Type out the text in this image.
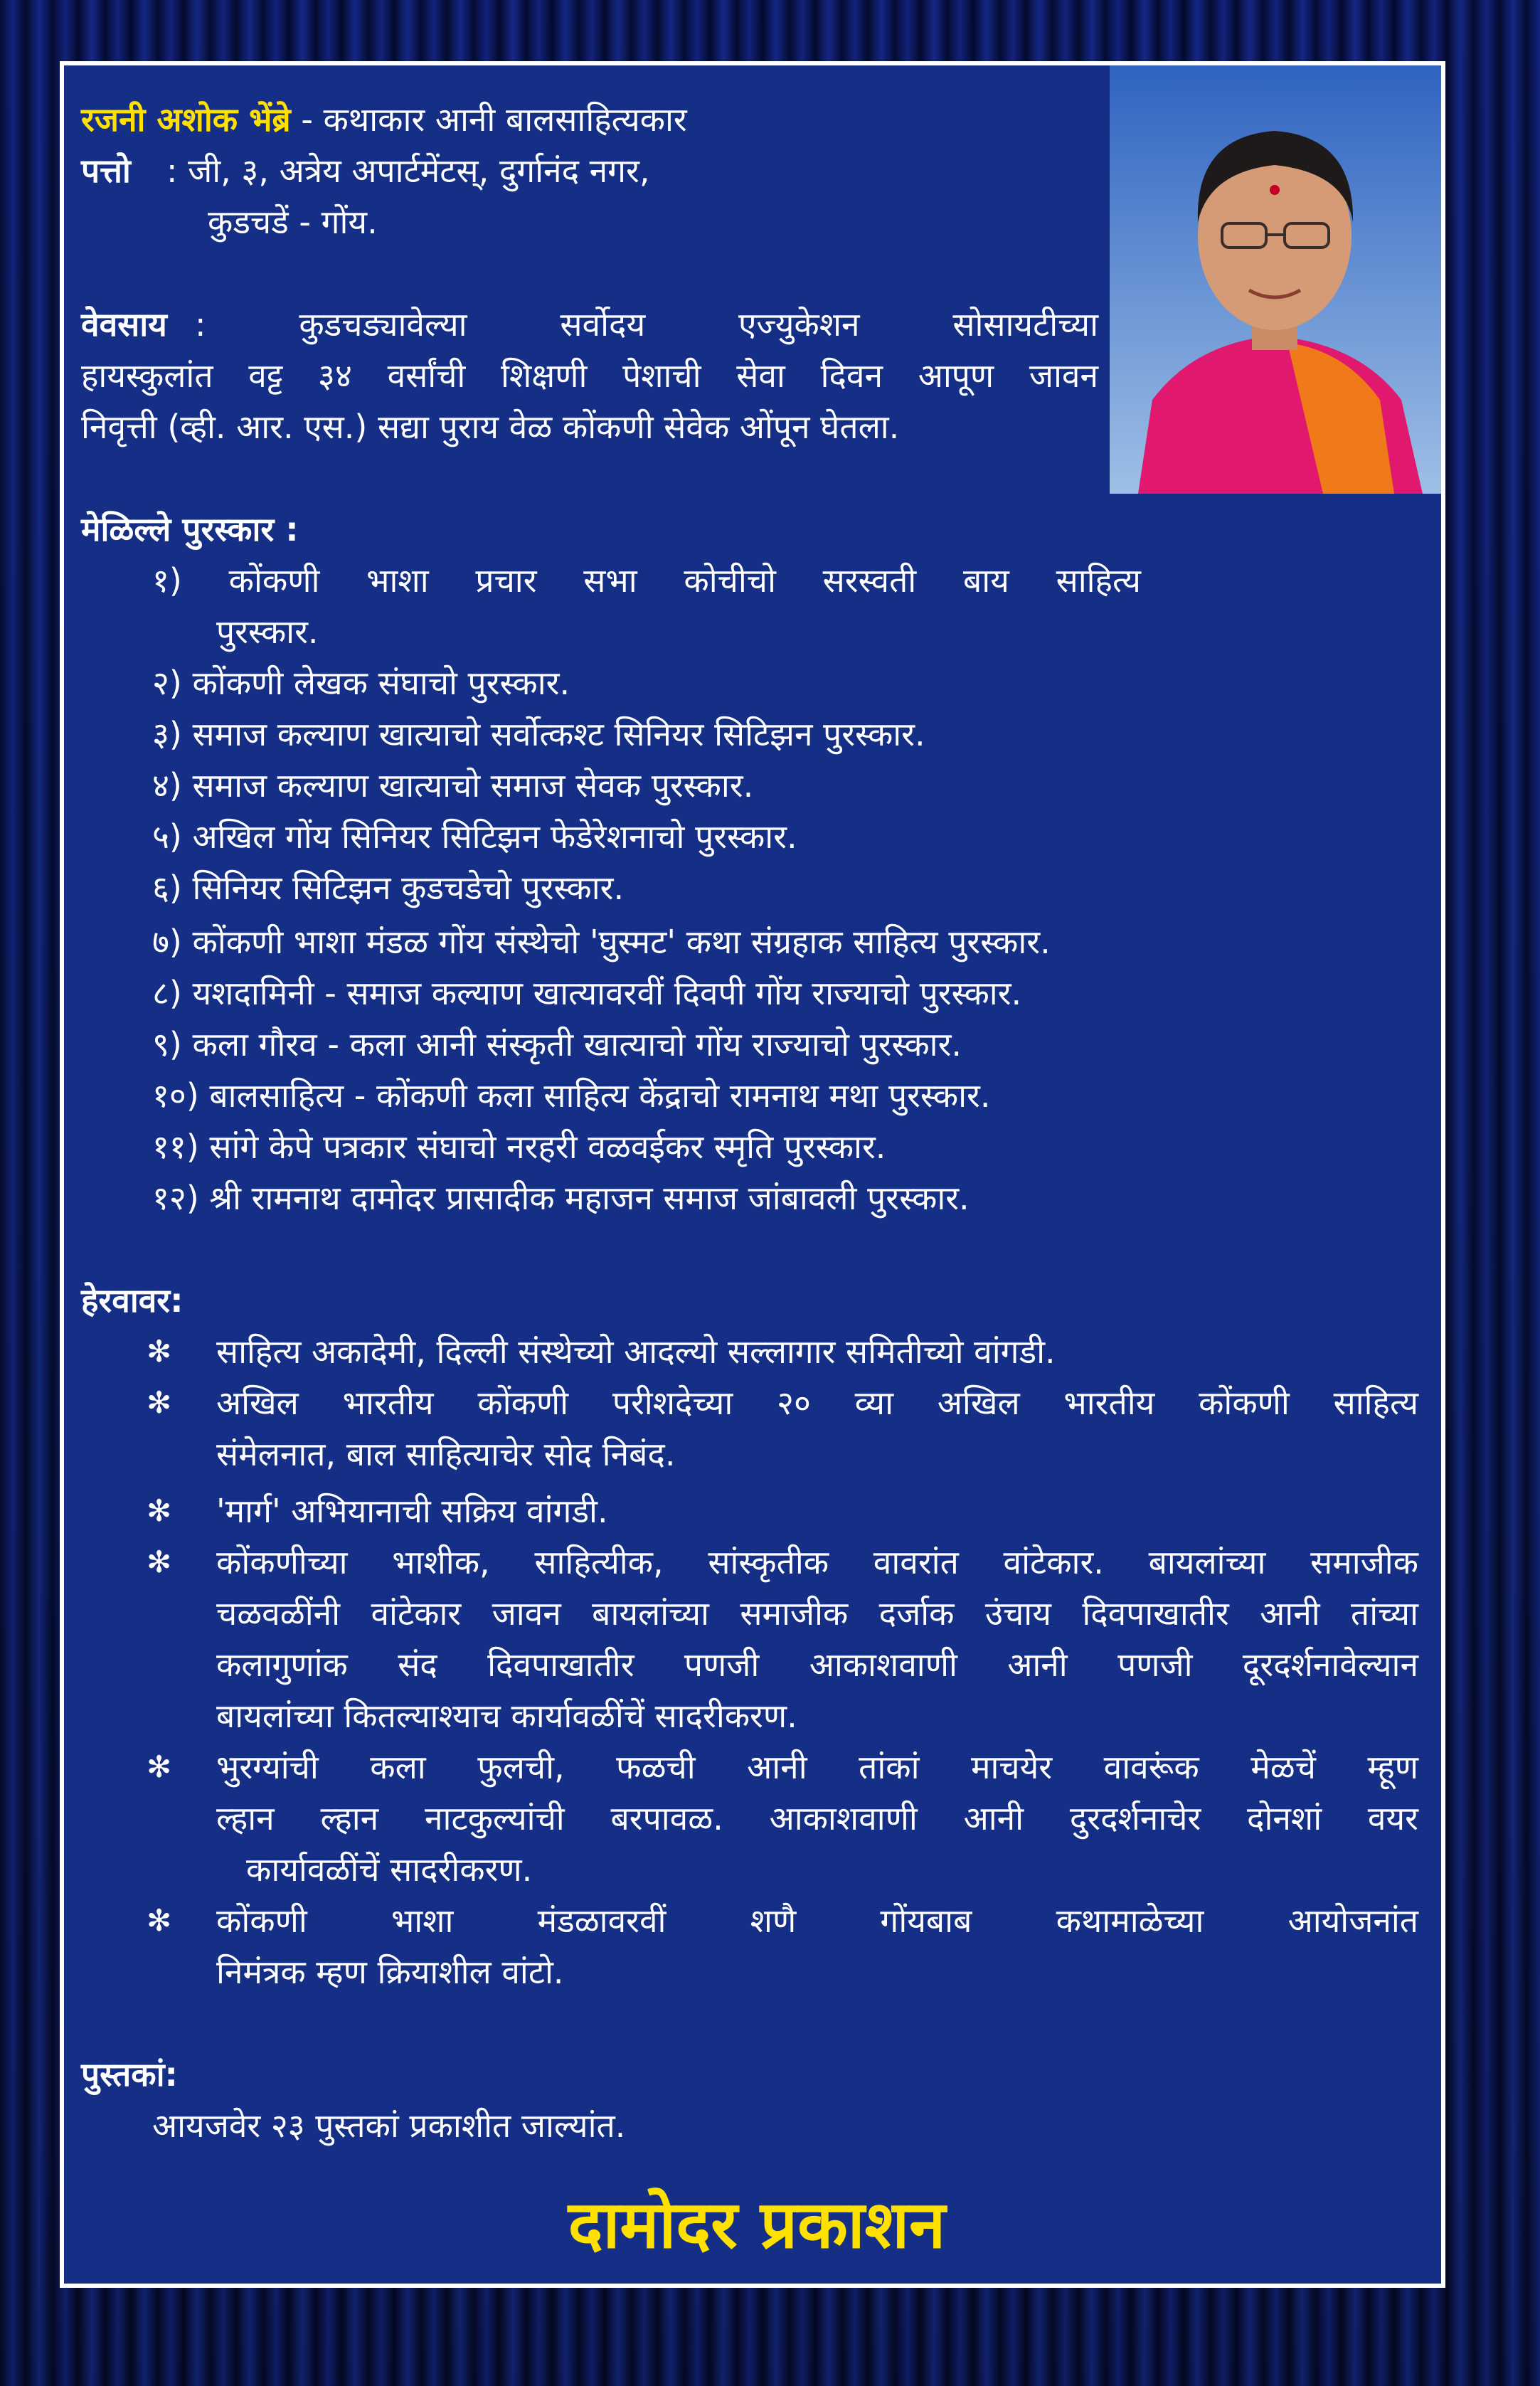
रजनी अशोक भेंब्रे - कथाकार आनी बालसाहित्यकार
पत्तो : जी, ३, अत्रेय अपार्टमेंटस्, दुर्गानंद नगर,
कुडचडें - गोंय.
वेवसाय : कुडचड्यावेल्या सर्वोदय एज्युकेशन सोसायटीच्या
हायस्कुलांत वट्ट ३४ वर्सांची शिक्षणी पेशाची सेवा दिवन आपूण जावन
निवृत्ती (व्ही. आर. एस.) सद्या पुराय वेळ कोंकणी सेवेक ओंपून घेतला.
मेळिल्ले पुरस्कार :
१) कोंकणी भाशा प्रचार सभा कोचीचो सरस्वती बाय साहित्य
पुरस्कार.
२) कोंकणी लेखक संघाचो पुरस्कार.
३) समाज कल्याण खात्याचो सर्वोत्कश्ट सिनियर सिटिझन पुरस्कार.
४) समाज कल्याण खात्याचो समाज सेवक पुरस्कार.
५) अखिल गोंय सिनियर सिटिझन फेडेरेशनाचो पुरस्कार.
६) सिनियर सिटिझन कुडचडेचो पुरस्कार.
७) कोंकणी भाशा मंडळ गोंय संस्थेचो 'घुस्मट' कथा संग्रहाक साहित्य पुरस्कार.
८) यशदामिनी - समाज कल्याण खात्यावरवीं दिवपी गोंय राज्याचो पुरस्कार.
९) कला गौरव - कला आनी संस्कृती खात्याचो गोंय राज्याचो पुरस्कार.
१०) बालसाहित्य - कोंकणी कला साहित्य केंद्राचो रामनाथ मथा पुरस्कार.
११) सांगे केपे पत्रकार संघाचो नरहरी वळवईकर स्मृति पुरस्कार.
१२) श्री रामनाथ दामोदर प्रासादीक महाजन समाज जांबावली पुरस्कार.
हेरवावर:
✻ साहित्य अकादेमी, दिल्ली संस्थेच्यो आदल्यो सल्लागार समितीच्यो वांगडी.
✻ अखिल भारतीय कोंकणी परीशदेच्या २० व्या अखिल भारतीय कोंकणी साहित्य
संमेलनात, बाल साहित्याचेर सोद निबंद.
✻ 'मार्ग' अभियानाची सक्रिय वांगडी.
✻ कोंकणीच्या भाशीक, साहित्यीक, सांस्कृतीक वावरांत वांटेकार. बायलांच्या समाजीक
चळवळींनी वांटेकार जावन बायलांच्या समाजीक दर्जाक उंचाय दिवपाखातीर आनी तांच्या
कलागुणांक संद दिवपाखातीर पणजी आकाशवाणी आनी पणजी दूरदर्शनावेल्यान
बायलांच्या कितल्याश्याच कार्यावळींचें सादरीकरण.
✻ भुरग्यांची कला फुलची, फळची आनी तांकां माचयेर वावरूंक मेळचें म्हूण
ल्हान ल्हान नाटकुल्यांची बरपावळ. आकाशवाणी आनी दुरदर्शनाचेर दोनशां वयर
कार्यावळींचें सादरीकरण.
✻ कोंकणी भाशा मंडळावरवीं शणै गोंयबाब कथामाळेच्या आयोजनांत
निमंत्रक म्हण क्रियाशील वांटो.
पुस्तकां:
आयजवेर २३ पुस्तकां प्रकाशीत जाल्यांत.
दामोदर प्रकाशन
